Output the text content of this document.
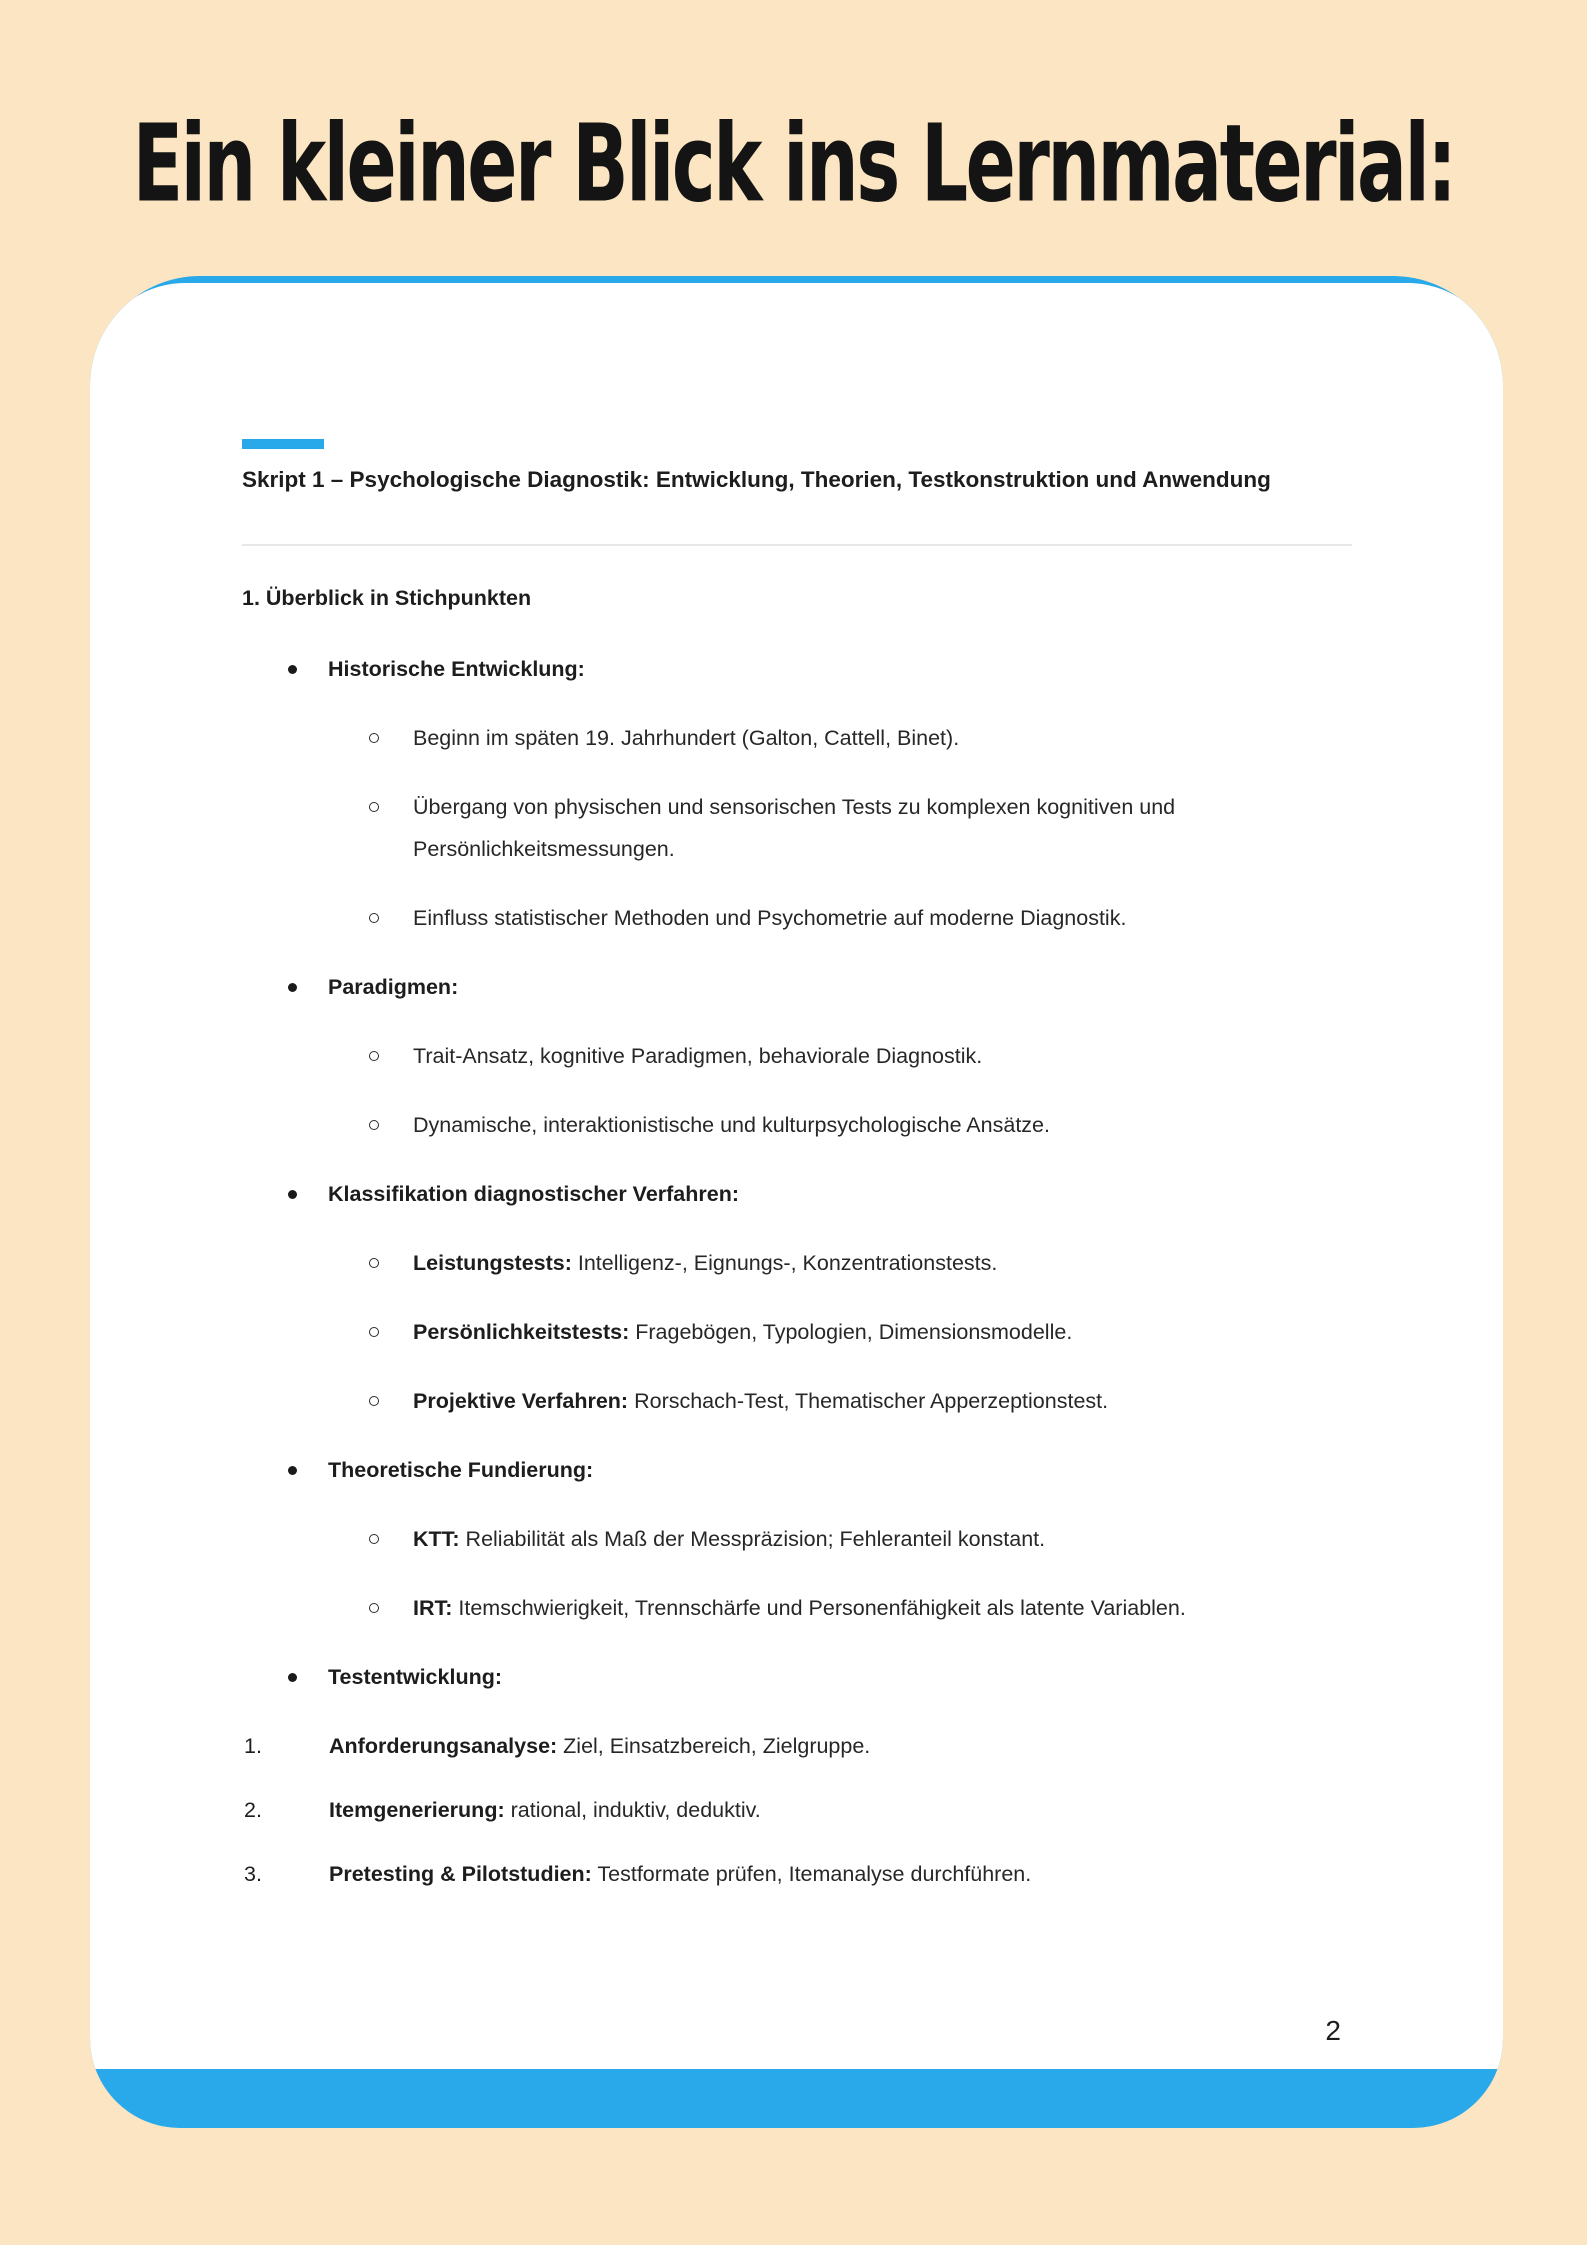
Ein kleiner Blick ins Lernmaterial:
Skript 1 – Psychologische Diagnostik: Entwicklung, Theorien, Testkonstruktion und Anwendung
1. Überblick in Stichpunkten
Historische Entwicklung:
Beginn im späten 19. Jahrhundert (Galton, Cattell, Binet).
Übergang von physischen und sensorischen Tests zu komplexen kognitiven und Persönlichkeitsmessungen.
Einfluss statistischer Methoden und Psychometrie auf moderne Diagnostik.
Paradigmen:
Trait-Ansatz, kognitive Paradigmen, behaviorale Diagnostik.
Dynamische, interaktionistische und kulturpsychologische Ansätze.
Klassifikation diagnostischer Verfahren:
Leistungstests: Intelligenz-, Eignungs-, Konzentrationstests.
Persönlichkeitstests: Fragebögen, Typologien, Dimensionsmodelle.
Projektive Verfahren: Rorschach-Test, Thematischer Apperzeptionstest.
Theoretische Fundierung:
KTT: Reliabilität als Maß der Messpräzision; Fehleranteil konstant.
IRT: Itemschwierigkeit, Trennschärfe und Personenfähigkeit als latente Variablen.
Testentwicklung:
1.	Anforderungsanalyse: Ziel, Einsatzbereich, Zielgruppe.
2.	Itemgenerierung: rational, induktiv, deduktiv.
3.	Pretesting & Pilotstudien: Testformate prüfen, Itemanalyse durchführen.
2
